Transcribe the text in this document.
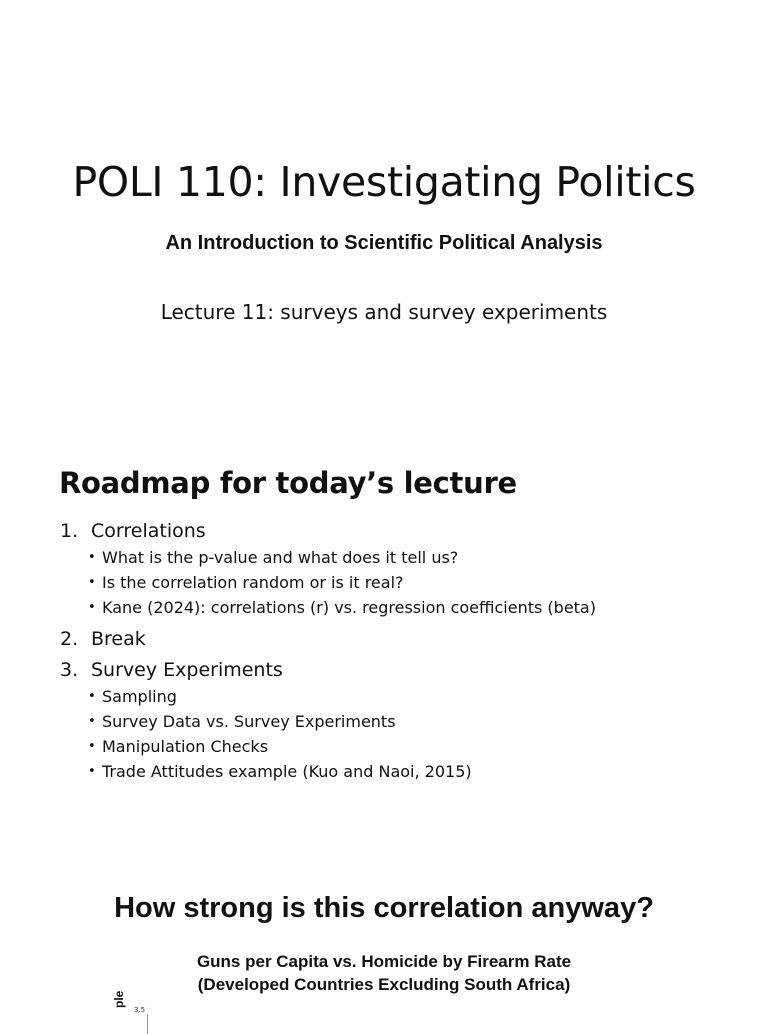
POLI 110: Investigating Politics
An Introduction to Scientific Political Analysis
Lecture 11: surveys and survey experiments
Roadmap for today’s lecture
1. Correlations
• What is the p-value and what does it tell us?
• Is the correlation random or is it real?
• Kane (2024): correlations (r) vs. regression coefficients (beta)
2. Break
3. Survey Experiments
• Sampling
• Survey Data vs. Survey Experiments
• Manipulation Checks
• Trade Attitudes example (Kuo and Naoi, 2015)
How strong is this correlation anyway?
Guns per Capita vs. Homicide by Firearm Rate
(Developed Countries Excluding South Africa)
ple
3.5
